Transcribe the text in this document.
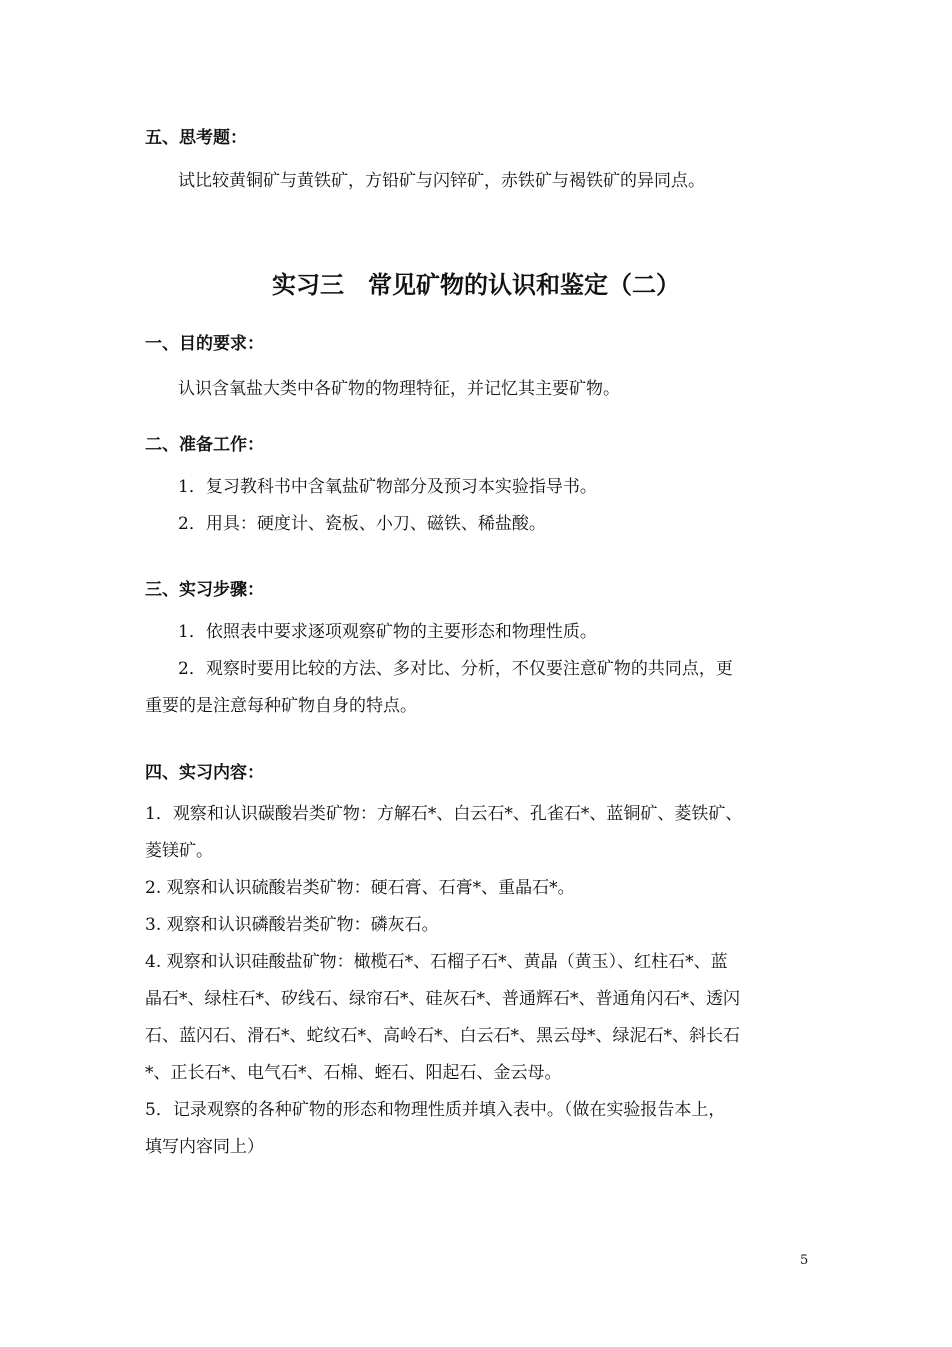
五、思考题：
试比较黄铜矿与黄铁矿，方铅矿与闪锌矿，赤铁矿与褐铁矿的异同点。
实习三　常见矿物的认识和鉴定（二）
一、目的要求：
认识含氧盐大类中各矿物的物理特征，并记忆其主要矿物。
二、准备工作：
1．复习教科书中含氧盐矿物部分及预习本实验指导书。
2．用具：硬度计、瓷板、小刀、磁铁、稀盐酸。
三、实习步骤：
1．依照表中要求逐项观察矿物的主要形态和物理性质。
2．观察时要用比较的方法、多对比、分析，不仅要注意矿物的共同点，更
重要的是注意每种矿物自身的特点。
四、实习内容：
1．观察和认识碳酸岩类矿物：方解石*、白云石*、孔雀石*、蓝铜矿、菱铁矿、
菱镁矿。
2. 观察和认识硫酸岩类矿物：硬石膏、石膏*、重晶石*。
3. 观察和认识磷酸岩类矿物：磷灰石。
4. 观察和认识硅酸盐矿物：橄榄石*、石榴子石*、黄晶（黄玉）、红柱石*、蓝
晶石*、绿柱石*、矽线石、绿帘石*、硅灰石*、普通辉石*、普通角闪石*、透闪
石、蓝闪石、滑石*、蛇纹石*、高岭石*、白云石*、黑云母*、绿泥石*、斜长石
*、正长石*、电气石*、石棉、蛭石、阳起石、金云母。
5．记录观察的各种矿物的形态和物理性质并填入表中。（做在实验报告本上，
填写内容同上）
5
